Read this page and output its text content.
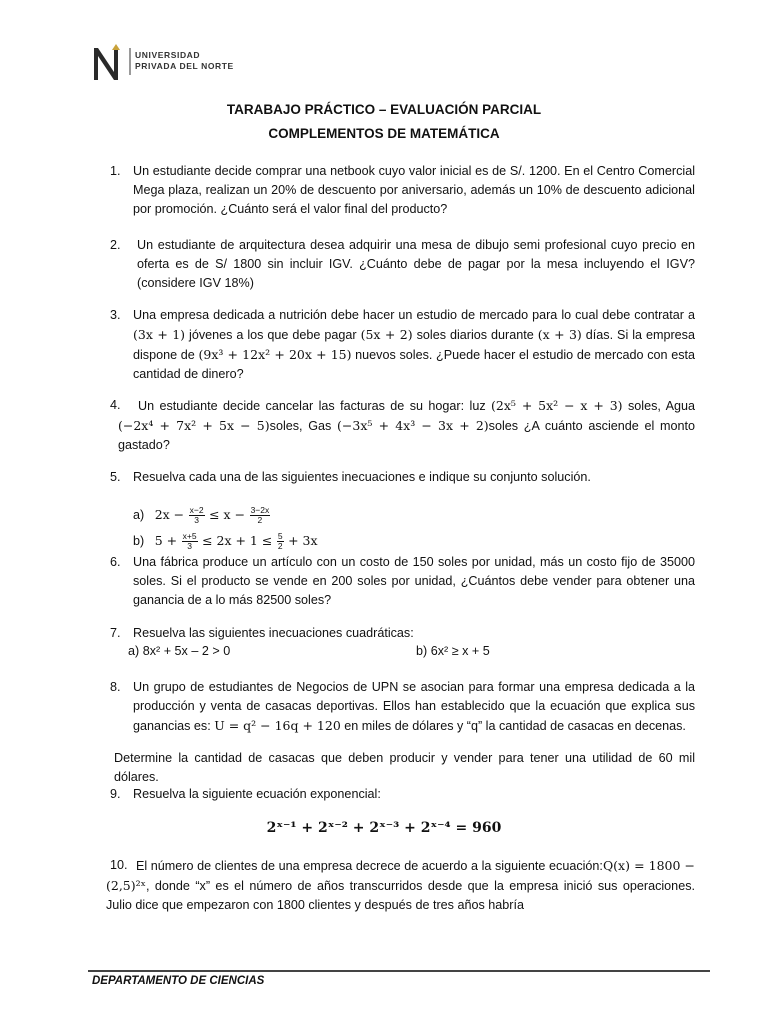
UNIVERSIDAD
PRIVADA DEL NORTE
TARABAJO PRÁCTICO – EVALUACIÓN PARCIAL
COMPLEMENTOS DE MATEMÁTICA
1. Un estudiante decide comprar una netbook cuyo valor inicial es de S/. 1200. En el Centro Comercial Mega plaza, realizan un 20% de descuento por aniversario, además un 10% de descuento adicional por promoción. ¿Cuánto será el valor final del producto?
2. Un estudiante de arquitectura desea adquirir una mesa de dibujo semi profesional cuyo precio en oferta es de S/ 1800 sin incluir IGV. ¿Cuánto debe de pagar por la mesa incluyendo el IGV?(considere IGV 18%)
3. Una empresa dedicada a nutrición debe hacer un estudio de mercado para lo cual debe contratar a (3x + 1) jóvenes a los que debe pagar (5x + 2) soles diarios durante (x + 3) días. Si la empresa dispone de (9x³ + 12x² + 20x + 15) nuevos soles. ¿Puede hacer el estudio de mercado con esta cantidad de dinero?
4.	Un estudiante decide cancelar las facturas de su hogar: luz (2x⁵ + 5x² − x + 3) soles, Agua (−2x⁴ + 7x² + 5x − 5)soles, Gas (−3x⁵ + 4x³ − 3x + 2)soles ¿A cuánto asciende el monto gastado?
5. Resuelva cada una de las siguientes inecuaciones e indique su conjunto solución.
a) $2x - \frac{x-2}{3} \le x - \frac{3-2x}{2}$
b) $5 + \frac{x+5}{3} \le 2x + 1 \le \frac{5}{2} + 3x$
6. Una fábrica produce un artículo con un costo de 150 soles por unidad, más un costo fijo de 35000 soles. Si el producto se vende en 200 soles por unidad, ¿Cuántos debe vender para obtener una ganancia de a lo más 82500 soles?
7. Resuelva las siguientes inecuaciones cuadráticas:
a) 8x² + 5x – 2 > 0	b) 6x² ≥ x + 5
8. Un grupo de estudiantes de Negocios de UPN se asocian para formar una empresa dedicada a la producción y venta de casacas deportivas. Ellos han establecido que la ecuación que explica sus ganancias es: U = q² − 16q + 120 en miles de dólares y “q” la cantidad de casacas en decenas.
Determine la cantidad de casacas que deben producir y vender para tener una utilidad de 60 mil dólares.
9. Resuelva la siguiente ecuación exponencial:
2ˣ⁻¹ + 2ˣ⁻² + 2ˣ⁻³ + 2ˣ⁻⁴ = 960
10. El número de clientes de una empresa decrece de acuerdo a la siguiente ecuación:Q(x) = 1800 − (2,5)²ˣ, donde “x” es el número de años transcurridos desde que la empresa inició sus operaciones. Julio dice que empezaron con 1800 clientes y después de tres años habría
DEPARTAMENTO DE CIENCIAS
